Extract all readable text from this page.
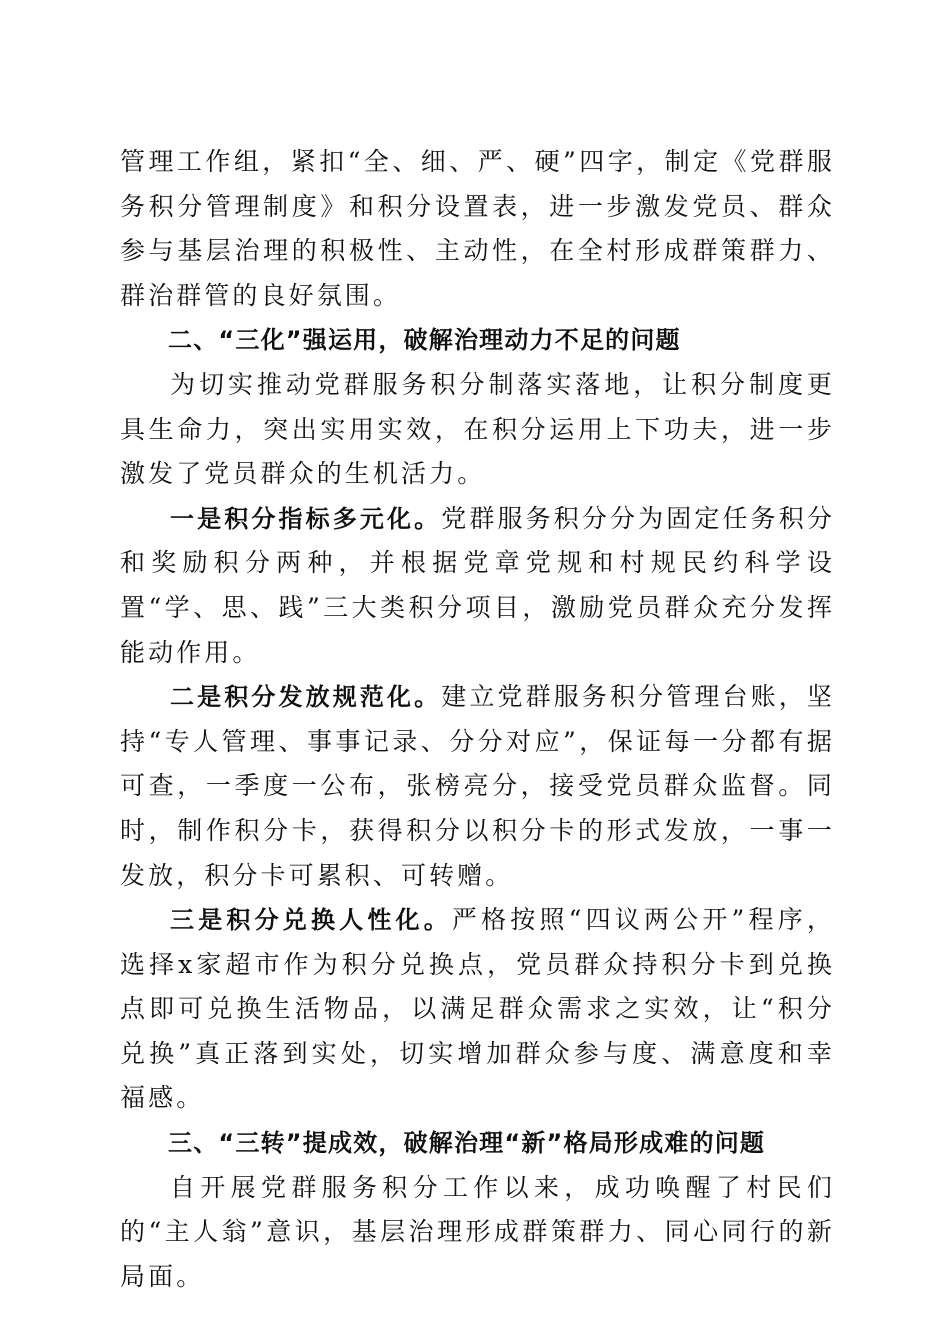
管理工作组，紧扣“全、细、严、硬”四字，制定《党群服务积分管理制度》和积分设置表，进一步激发党员、群众参与基层治理的积极性、主动性，在全村形成群策群力、群治群管的良好氛围。

二、“三化”强运用，破解治理动力不足的问题

为切实推动党群服务积分制落实落地，让积分制度更具生命力，突出实用实效，在积分运用上下功夫，进一步激发了党员群众的生机活力。

一是积分指标多元化。党群服务积分分为固定任务积分和奖励积分两种，并根据党章党规和村规民约科学设置“学、思、践”三大类积分项目，激励党员群众充分发挥能动作用。

二是积分发放规范化。建立党群服务积分管理台账，坚持“专人管理、事事记录、分分对应”，保证每一分都有据可查，一季度一公布，张榜亮分，接受党员群众监督。同时，制作积分卡，获得积分以积分卡的形式发放，一事一发放，积分卡可累积、可转赠。

三是积分兑换人性化。严格按照“四议两公开”程序，选择x家超市作为积分兑换点，党员群众持积分卡到兑换点即可兑换生活物品，以满足群众需求之实效，让“积分兑换”真正落到实处，切实增加群众参与度、满意度和幸福感。

三、“三转”提成效，破解治理“新”格局形成难的问题

自开展党群服务积分工作以来，成功唤醒了村民们的“主人翁”意识，基层治理形成群策群力、同心同行的新局面。
